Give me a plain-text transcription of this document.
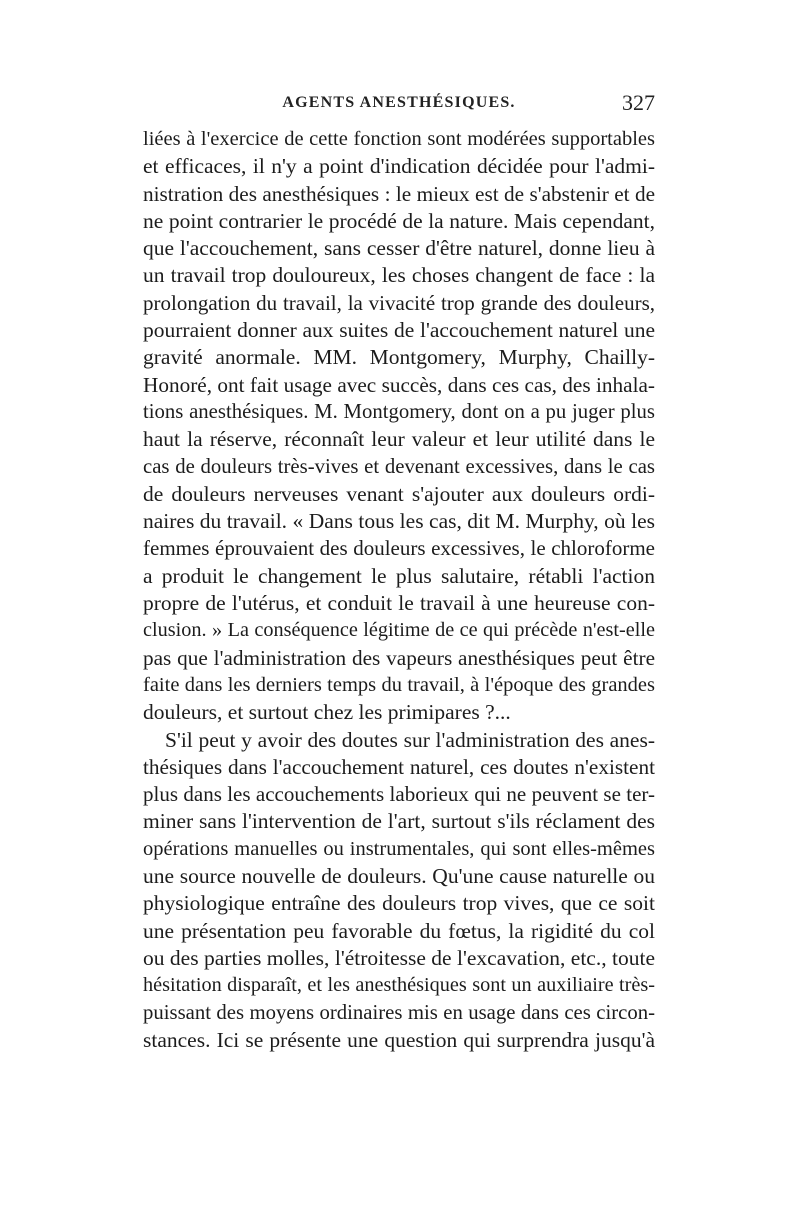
AGENTS ANESTHÉSIQUES.	327
liées à l'exercice de cette fonction sont modérées supportables
et efficaces, il n'y a point d'indication décidée pour l'admi-
nistration des anesthésiques : le mieux est de s'abstenir et de
ne point contrarier le procédé de la nature. Mais cependant,
que l'accouchement, sans cesser d'être naturel, donne lieu à
un travail trop douloureux, les choses changent de face : la
prolongation du travail, la vivacité trop grande des douleurs,
pourraient donner aux suites de l'accouchement naturel une
gravité anormale. MM. Montgomery, Murphy, Chailly-
Honoré, ont fait usage avec succès, dans ces cas, des inhala-
tions anesthésiques. M. Montgomery, dont on a pu juger plus
haut la réserve, réconnaît leur valeur et leur utilité dans le
cas de douleurs très-vives et devenant excessives, dans le cas
de douleurs nerveuses venant s'ajouter aux douleurs ordi-
naires du travail. « Dans tous les cas, dit M. Murphy, où les
femmes éprouvaient des douleurs excessives, le chloroforme
a produit le changement le plus salutaire, rétabli l'action
propre de l'utérus, et conduit le travail à une heureuse con-
clusion. » La conséquence légitime de ce qui précède n'est-elle
pas que l'administration des vapeurs anesthésiques peut être
faite dans les derniers temps du travail, à l'époque des grandes
douleurs, et surtout chez les primipares ?...
S'il peut y avoir des doutes sur l'administration des anes-
thésiques dans l'accouchement naturel, ces doutes n'existent
plus dans les accouchements laborieux qui ne peuvent se ter-
miner sans l'intervention de l'art, surtout s'ils réclament des
opérations manuelles ou instrumentales, qui sont elles-mêmes
une source nouvelle de douleurs. Qu'une cause naturelle ou
physiologique entraîne des douleurs trop vives, que ce soit
une présentation peu favorable du fœtus, la rigidité du col
ou des parties molles, l'étroitesse de l'excavation, etc., toute
hésitation disparaît, et les anesthésiques sont un auxiliaire très-
puissant des moyens ordinaires mis en usage dans ces circon-
stances. Ici se présente une question qui surprendra jusqu'à
